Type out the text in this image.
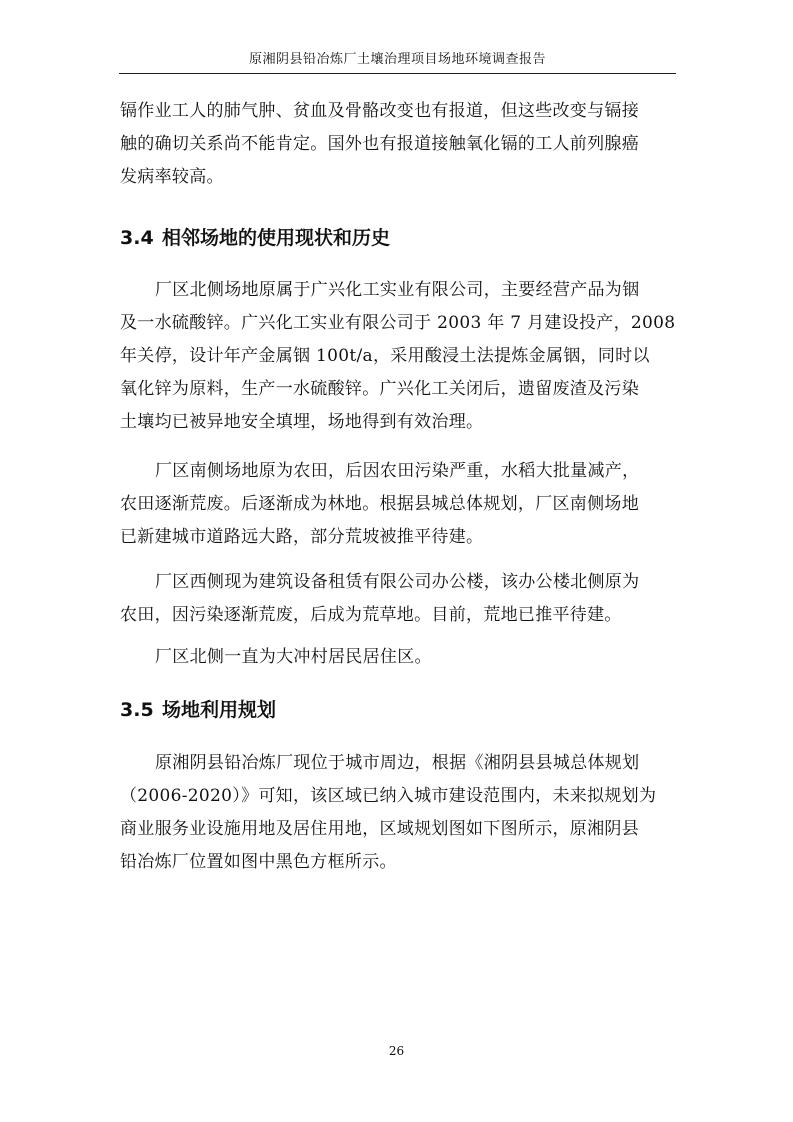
原湘阴县铅冶炼厂土壤治理项目场地环境调查报告
镉作业工人的肺气肿、贫血及骨骼改变也有报道，但这些改变与镉接
触的确切关系尚不能肯定。国外也有报道接触氧化镉的工人前列腺癌
发病率较高。
3.4 相邻场地的使用现状和历史
厂区北侧场地原属于广兴化工实业有限公司，主要经营产品为铟
及一水硫酸锌。广兴化工实业有限公司于 2003 年 7 月建设投产，2008
年关停，设计年产金属铟 100t/a，采用酸浸土法提炼金属铟，同时以
氧化锌为原料，生产一水硫酸锌。广兴化工关闭后，遗留废渣及污染
土壤均已被异地安全填埋，场地得到有效治理。
厂区南侧场地原为农田，后因农田污染严重，水稻大批量减产，
农田逐渐荒废。后逐渐成为林地。根据县城总体规划，厂区南侧场地
已新建城市道路远大路，部分荒坡被推平待建。
厂区西侧现为建筑设备租赁有限公司办公楼，该办公楼北侧原为
农田，因污染逐渐荒废，后成为荒草地。目前，荒地已推平待建。
厂区北侧一直为大冲村居民居住区。
3.5 场地利用规划
原湘阴县铅冶炼厂现位于城市周边，根据《湘阴县县城总体规划
（2006-2020）》可知，该区域已纳入城市建设范围内，未来拟规划为
商业服务业设施用地及居住用地，区域规划图如下图所示，原湘阴县
铅冶炼厂位置如图中黑色方框所示。
26
